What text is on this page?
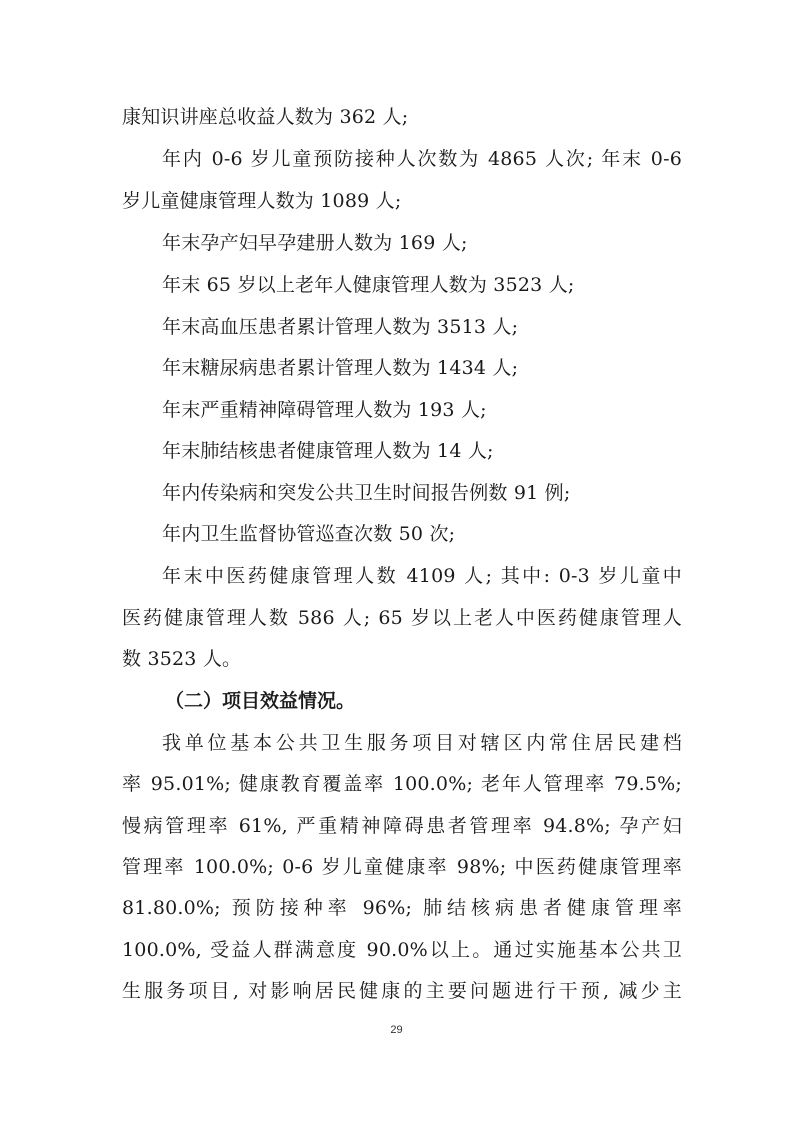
康知识讲座总收益人数为 362 人;
年内 0-6 岁儿童预防接种人次数为 4865 人次; 年末 0-6
岁儿童健康管理人数为 1089 人;
年末孕产妇早孕建册人数为 169 人;
年末 65 岁以上老年人健康管理人数为 3523 人;
年末高血压患者累计管理人数为 3513 人;
年末糖尿病患者累计管理人数为 1434 人;
年末严重精神障碍管理人数为 193 人;
年末肺结核患者健康管理人数为 14 人;
年内传染病和突发公共卫生时间报告例数 91 例;
年内卫生监督协管巡查次数 50 次;
年末中医药健康管理人数 4109 人; 其中: 0-3 岁儿童中
医药健康管理人数 586 人; 65 岁以上老人中医药健康管理人
数 3523 人。
（二）项目效益情况。
我单位基本公共卫生服务项目对辖区内常住居民建档
率 95.01%; 健康教育覆盖率 100.0%; 老年人管理率 79.5%;
慢病管理率 61%, 严重精神障碍患者管理率 94.8%; 孕产妇
管理率 100.0%; 0-6 岁儿童健康率 98%; 中医药健康管理率
81.80.0%; 预防接种率 96%; 肺结核病患者健康管理率
100.0%, 受益人群满意度 90.0%以上。通过实施基本公共卫
生服务项目, 对影响居民健康的主要问题进行干预, 减少主
29
